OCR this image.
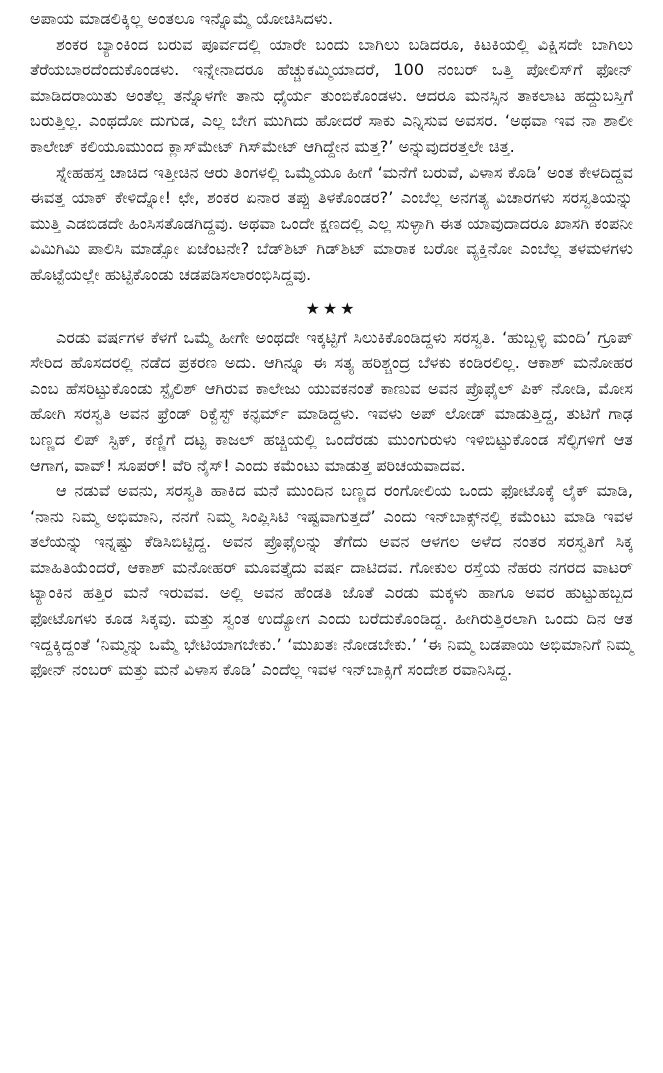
ಅಪಾಯ ಮಾಡಲಿಕ್ಕಿಲ್ಲ ಅಂತಲೂ ಇನ್ನೊಮ್ಮೆ ಯೋಚಿಸಿದಳು.

ಶಂಕರ ಬ್ಯಾಂಕಿಂದ ಬರುವ ಪೂರ್ವದಲ್ಲಿ ಯಾರೇ ಬಂದು ಬಾಗಿಲು ಬಡಿದರೂ, ಕಿಟಕಿಯಲ್ಲಿ ವಿಕ್ಷಿಸದೇ ಬಾಗಿಲು ತೆರೆಯಬಾರದೆಂದುಕೊಂಡಳು. ಇನ್ನೇನಾದರೂ ಹೆಚ್ಚುಕಮ್ಮಿಯಾದರೆ, 100 ನಂಬರ್ ಒತ್ತಿ ಪೋಲಿಸ್‌ಗೆ ಫೋನ್ ಮಾಡಿದರಾಯಿತು ಅಂತೆಲ್ಲ ತನ್ನೊಳಗೇ ತಾನು ಧೈರ್ಯ ತುಂಬಿಕೊಂಡಳು. ಆದರೂ ಮನಸ್ಸಿನ ತಾಕಲಾಟ ಹದ್ದುಬಸ್ತಿಗೆ ಬರುತ್ತಿಲ್ಲ. ಎಂಥದೋ ದುಗುಡ, ಎಲ್ಲ ಬೇಗ ಮುಗಿದು ಹೋದರೆ ಸಾಕು ಎನ್ನಿಸುವ ಅವಸರ. ‘ಅಥವಾ ಇವ ನಾ ಶಾಲೀ ಕಾಲೇಜ್ ಕಲಿಯೂಮುಂದ ಕ್ಲಾಸ್‌ಮೇಟ್ ಗಿಸ್‌ಮೇಟ್ ಆಗಿದ್ದೇನ ಮತ್ತ?’ ಅನ್ನುವುದರತ್ತಲೇ ಚಿತ್ತ.

ಸ್ನೇಹಹಸ್ತ ಚಾಚಿದ ಇತ್ತೀಚಿನ ಆರು ತಿಂಗಳಲ್ಲಿ ಒಮ್ಮೆಯೂ ಹೀಗೆ ‘ಮನೆಗೆ ಬರುವೆ, ವಿಳಾಸ ಕೊಡಿ’ ಅಂತ ಕೇಳದಿದ್ದವ ಈವತ್ತ ಯಾಕ್ ಕೇಳಿದ್ನೋ! ಛೇ, ಶಂಕರ ಏನಾರ ತಪ್ಪು ತಿಳಕೊಂಡರ?’ ಎಂಬೆಲ್ಲ ಅನಗತ್ಯ ವಿಚಾರಗಳು ಸರಸ್ವತಿಯನ್ನು ಮುತ್ತಿ ಎಡಬಿಡದೇ ಹಿಂಸಿಸತೊಡಗಿದ್ದವು. ಅಥವಾ ಒಂದೇ ಕ್ಷಣದಲ್ಲಿ ಎಲ್ಲ ಸುಳ್ಳಾಗಿ ಈತ ಯಾವುದಾದರೂ ಖಾಸಗಿ ಕಂಪನೀ ವಿಮಿಗಿಮಿ ಪಾಲಿಸಿ ಮಾಡ್ಸೋ ಏಜೆಂಟನೇ? ಬೆಡ್‌ಶಿಟ್ ಗಿಡ್‌ಶಿಟ್ ಮಾರಾಕ ಬರೋ ವ್ಯಕ್ತಿನೋ ಎಂಬೆಲ್ಲ ತಳಮಳಗಳು ಹೊಟ್ಟೆಯಲ್ಲೇ ಹುಟ್ಟಿಕೊಂಡು ಚಡಪಡಿಸಲಾರಂಭಿಸಿದ್ದವು.

★★★

ಎರಡು ವರ್ಷಗಳ ಕೆಳಗೆ ಒಮ್ಮೆ ಹೀಗೇ ಅಂಥದೇ ಇಕ್ಕಟ್ಟಿಗೆ ಸಿಲುಕಿಕೊಂಡಿದ್ದಳು ಸರಸ್ವತಿ. ‘ಹುಬ್ಬಳ್ಳಿ ಮಂದಿ’ ಗ್ರೂಪ್ ಸೇರಿದ ಹೊಸದರಲ್ಲಿ ನಡೆದ ಪ್ರಕರಣ ಅದು. ಆಗಿನ್ನೂ ಈ ಸತ್ಯ ಹರಿಶ್ಚಂದ್ರ ಬೆಳಕು ಕಂಡಿರಲಿಲ್ಲ. ಆಕಾಶ್ ಮನೋಹರ ಎಂಬ ಹೆಸರಿಟ್ಟುಕೊಂಡು ಸ್ಟೈಲಿಶ್ ಆಗಿರುವ ಕಾಲೇಜು ಯುವಕನಂತೆ ಕಾಣುವ ಅವನ ಪ್ರೊಫೈಲ್ ಪಿಕ್ ನೋಡಿ, ಮೋಸ ಹೋಗಿ ಸರಸ್ವತಿ ಅವನ ಫ್ರೆಂಡ್ ರಿಕ್ವೆಸ್ಟ್ ಕನ್ಫರ್ಮ್ ಮಾಡಿದ್ದಳು. ಇವಳು ಅಪ್ ಲೋಡ್ ಮಾಡುತ್ತಿದ್ದ, ತುಟಿಗೆ ಗಾಢ ಬಣ್ಣದ ಲಿಪ್ ಸ್ಟಿಕ್, ಕಣ್ಣಿಗೆ ದಟ್ಟ ಕಾಜಲ್ ಹಚ್ಚಿಯಲ್ಲಿ ಒಂದೆರಡು ಮುಂಗುರುಳು ಇಳಿಬಿಟ್ಟುಕೊಂಡ ಸೆಲ್ಫಿಗಳಿಗೆ ಆತ ಆಗಾಗ, ವಾವ್! ಸೂಪರ್! ವೆರಿ ನೈಸ್! ಎಂದು ಕಮೆಂಟು ಮಾಡುತ್ತ ಪರಿಚಯವಾದವ.

ಆ ನಡುವೆ ಅವನು, ಸರಸ್ವತಿ ಹಾಕಿದ ಮನೆ ಮುಂದಿನ ಬಣ್ಣದ ರಂಗೋಲಿಯ ಒಂದು ಫೋಟೊಕ್ಕೆ ಲೈಕ್ ಮಾಡಿ, ‘ನಾನು ನಿಮ್ಮ ಅಭಿಮಾನಿ, ನನಗೆ ನಿಮ್ಮ ಸಿಂಪ್ಲಿಸಿಟಿ ಇಷ್ಟವಾಗುತ್ತದೆ’ ಎಂದು ಇನ್‌ಬಾಕ್ಸ್‌ನಲ್ಲಿ ಕಮೆಂಟು ಮಾಡಿ ಇವಳ ತಲೆಯನ್ನು ಇನ್ನಷ್ಟು ಕೆಡಿಸಿಬಿಟ್ಟಿದ್ದ. ಅವನ ಪ್ರೊಫೈಲನ್ನು ತೆಗೆದು ಅವನ ಆಳಗಲ ಅಳೆದ ನಂತರ ಸರಸ್ವತಿಗೆ ಸಿಕ್ಕ ಮಾಹಿತಿಯೆಂದರೆ, ಆಕಾಶ್ ಮನೋಹರ್ ಮೂವತ್ತೈದು ವರ್ಷ ದಾಟಿದವ. ಗೋಕುಲ ರಸ್ತೆಯ ನೆಹರು ನಗರದ ವಾಟರ್ ಟ್ಯಾಂಕಿನ ಹತ್ತಿರ ಮನೆ ಇರುವವ. ಅಲ್ಲಿ ಅವನ ಹೆಂಡತಿ ಜೊತೆ ಎರಡು ಮಕ್ಕಳು ಹಾಗೂ ಅವರ ಹುಟ್ಟುಹಬ್ಬದ ಫೋಟೊಗಳು ಕೂಡ ಸಿಕ್ಕವು. ಮತ್ತು ಸ್ವಂತ ಉದ್ಯೋಗ ಎಂದು ಬರೆದುಕೊಂಡಿದ್ದ. ಹೀಗಿರುತ್ತಿರಲಾಗಿ ಒಂದು ದಿನ ಆತ ಇದ್ದಕ್ಕಿದ್ದಂತೆ ‘ನಿಮ್ಮನ್ನು ಒಮ್ಮೆ ಭೇಟಿಯಾಗಬೇಕು.’ ‘ಮುಖತಃ ನೋಡಬೇಕು.’ ‘ಈ ನಿಮ್ಮ ಬಡಪಾಯಿ ಅಭಿಮಾನಿಗೆ ನಿಮ್ಮ ಫೋನ್ ನಂಬರ್ ಮತ್ತು ಮನೆ ವಿಳಾಸ ಕೊಡಿ’ ಎಂದೆಲ್ಲ ಇವಳ ಇನ್‌ಬಾಕ್ಸಿಗೆ ಸಂದೇಶ ರವಾನಿಸಿದ್ದ.
